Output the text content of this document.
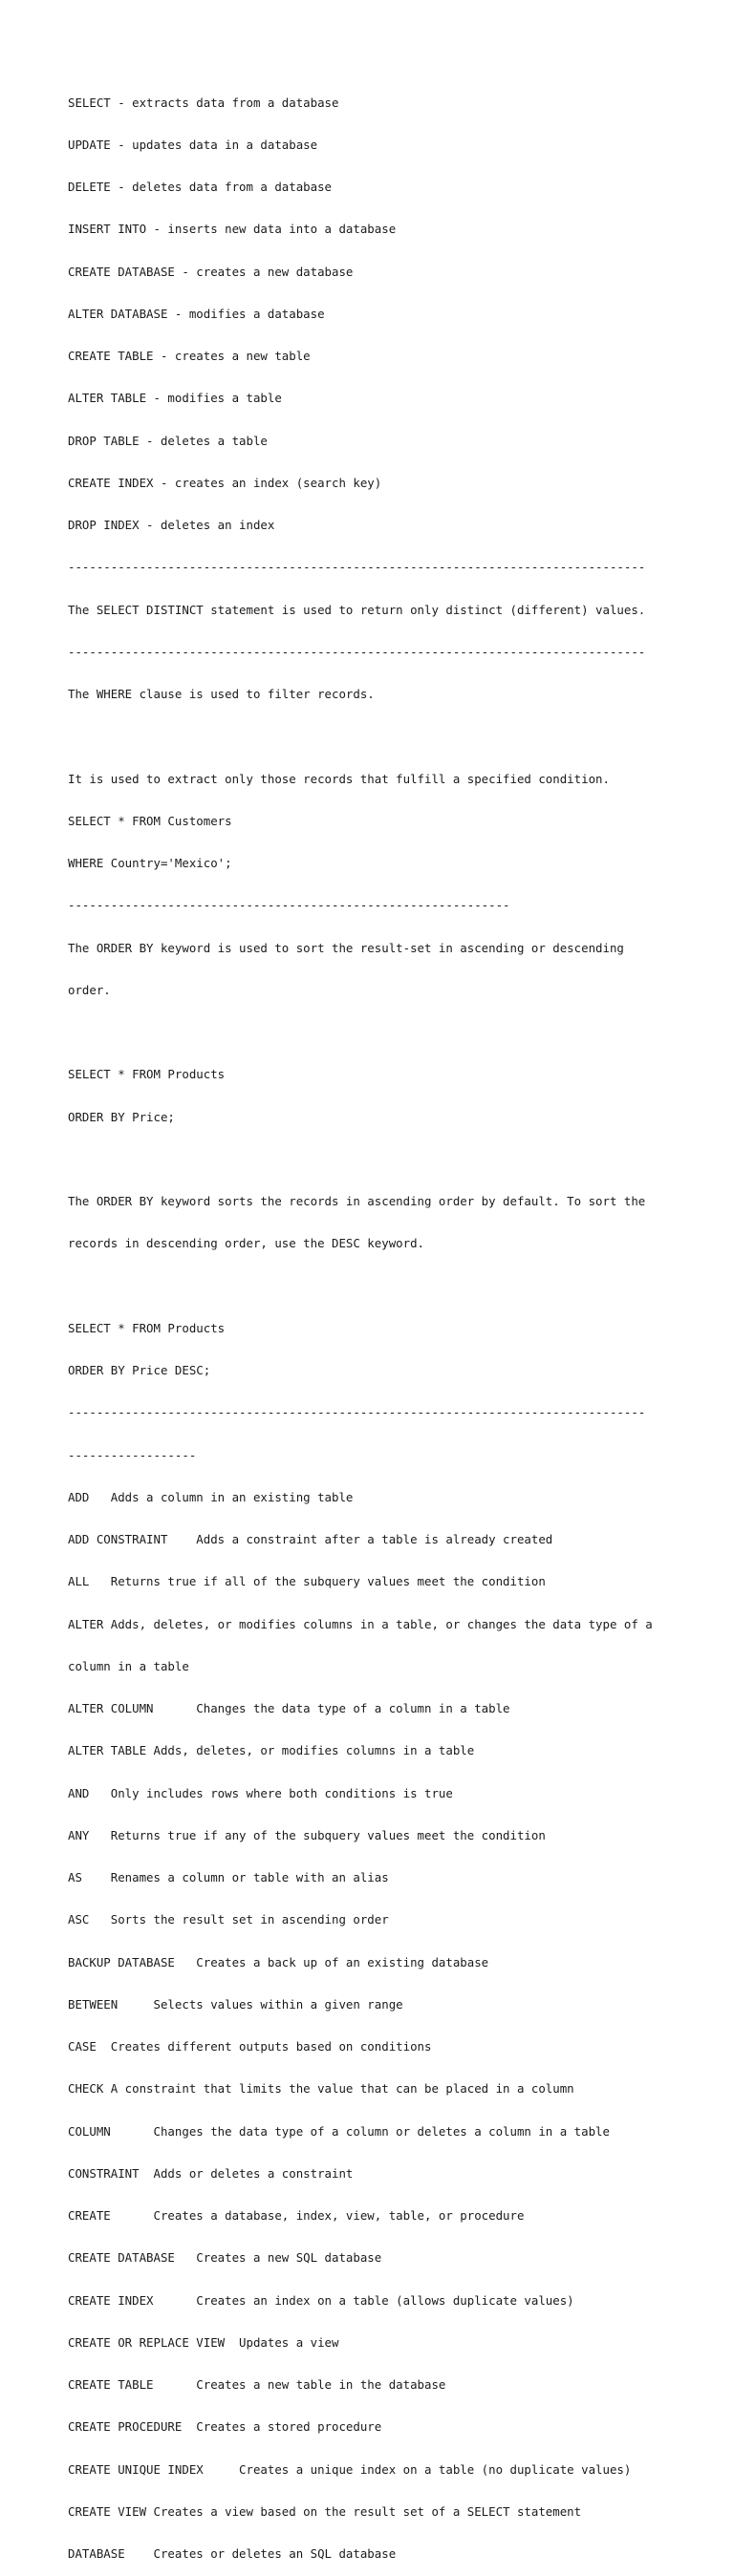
SELECT - extracts data from a database

UPDATE - updates data in a database

DELETE - deletes data from a database

INSERT INTO - inserts new data into a database

CREATE DATABASE - creates a new database

ALTER DATABASE - modifies a database

CREATE TABLE - creates a new table

ALTER TABLE - modifies a table

DROP TABLE - deletes a table

CREATE INDEX - creates an index (search key)

DROP INDEX - deletes an index

---------------------------------------------------------------------------------

The SELECT DISTINCT statement is used to return only distinct (different) values.

---------------------------------------------------------------------------------

The WHERE clause is used to filter records.

It is used to extract only those records that fulfill a specified condition.

SELECT * FROM Customers

WHERE Country='Mexico';

--------------------------------------------------------------

The ORDER BY keyword is used to sort the result-set in ascending or descending

order.

SELECT * FROM Products

ORDER BY Price;

The ORDER BY keyword sorts the records in ascending order by default. To sort the

records in descending order, use the DESC keyword.

SELECT * FROM Products

ORDER BY Price DESC;

---------------------------------------------------------------------------------

------------------

ADD   Adds a column in an existing table

ADD CONSTRAINT    Adds a constraint after a table is already created

ALL   Returns true if all of the subquery values meet the condition

ALTER Adds, deletes, or modifies columns in a table, or changes the data type of a

column in a table

ALTER COLUMN      Changes the data type of a column in a table

ALTER TABLE Adds, deletes, or modifies columns in a table

AND   Only includes rows where both conditions is true

ANY   Returns true if any of the subquery values meet the condition

AS    Renames a column or table with an alias

ASC   Sorts the result set in ascending order

BACKUP DATABASE   Creates a back up of an existing database

BETWEEN     Selects values within a given range

CASE  Creates different outputs based on conditions

CHECK A constraint that limits the value that can be placed in a column

COLUMN      Changes the data type of a column or deletes a column in a table

CONSTRAINT  Adds or deletes a constraint

CREATE      Creates a database, index, view, table, or procedure

CREATE DATABASE   Creates a new SQL database

CREATE INDEX      Creates an index on a table (allows duplicate values)

CREATE OR REPLACE VIEW  Updates a view

CREATE TABLE      Creates a new table in the database

CREATE PROCEDURE  Creates a stored procedure

CREATE UNIQUE INDEX     Creates a unique index on a table (no duplicate values)

CREATE VIEW Creates a view based on the result set of a SELECT statement

DATABASE    Creates or deletes an SQL database
